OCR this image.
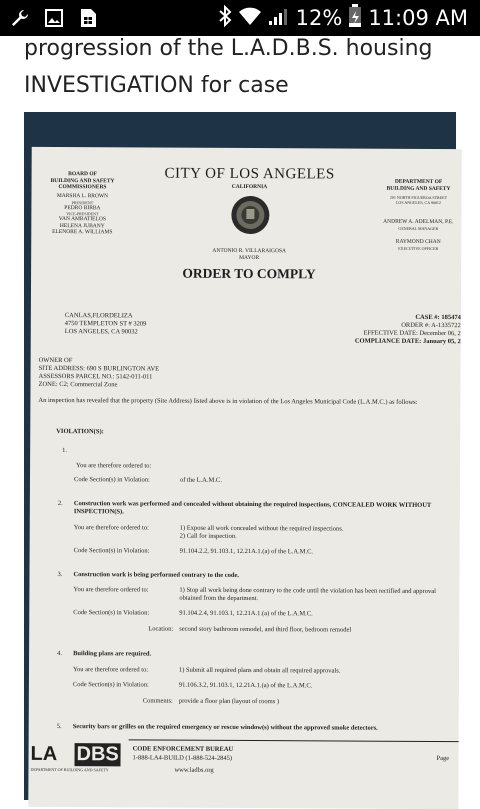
12% 11:09 AM
progression of the L.A.D.B.S. housing INVESTIGATION for case
BOARD OF
BUILDING AND SAFETY
COMMISSIONERS
MARSHA L. BROWN
PRESIDENT
PEDRO BIRBA
VICE-PRESIDENT
VAN AMBATIELOS
HELENA JUBANY
ELENORE A. WILLIAMS
CITY OF LOS ANGELES
CALIFORNIA
ANTONIO R. VILLARAIGOSA
MAYOR
ORDER TO COMPLY
DEPARTMENT OF
BUILDING AND SAFETY
201 NORTH FIGUEROA STREET
LOS ANGELES, CA 90012
ANDREW A. ADELMAN, P.E.
GENERAL MANAGER
RAYMOND CHAN
EXECUTIVE OFFICER
CANLAS,FLORDELIZA
4750 TEMPLETON ST # 3209
LOS ANGELES, CA 90032
CASE #: 185474
ORDER #: A-1335722
EFFECTIVE DATE: December 06, 2
COMPLIANCE DATE: January 05, 2
OWNER OF
SITE ADDRESS: 690 S BURLINGTON AVE
ASSESSORS PARCEL NO.: 5142-011-011
ZONE: C2; Commercial Zone
An inspection has revealed that the property (Site Address) listed above is in violation of the Los Angeles Municipal Code (L.A.M.C.) as follows:
VIOLATION(S):
1.
You are therefore ordered to:
Code Section(s) in Violation:	of the L.A.M.C.
2. Construction work was performed and concealed without obtaining the required inspections, CONCEALED WORK WITHOUT INSPECTION(S).
You are therefore ordered to:	1) Expose all work concealed without the required inspections.
2) Call for inspection.
Code Section(s) in Violation:	91.104.2.2, 91.103.1, 12.21A.1.(a) of the L.A.M.C.
3. Construction work is being performed contrary to the code.
You are therefore ordered to:	1) Stop all work being done contrary to the code until the violation has been rectified and approval obtained from the department.
Code Section(s) in Violation:	91.104.2.4, 91.103.1, 12.21A.1.(a) of the L.A.M.C.
Location: second story bathroom remodel, and third floor, bedroom remodel
4. Building plans are required.
You are therefore ordered to:	1) Submit all required plans and obtain all required approvals.
Code Section(s) in Violation:	91.106.3.2, 91.103.1, 12.21A.1.(a) of the L.A.M.C.
Comments: provide a floor plan (layout of rooms )
5. Security bars or grilles on the required emergency or rescue window(s) without the approved smoke detectors.
LA DBS
DEPARTMENT OF BUILDING AND SAFETY
CODE ENFORCEMENT BUREAU
1-888-LA4-BUILD (1-888-524-2845)
www.ladbs.org
Page
